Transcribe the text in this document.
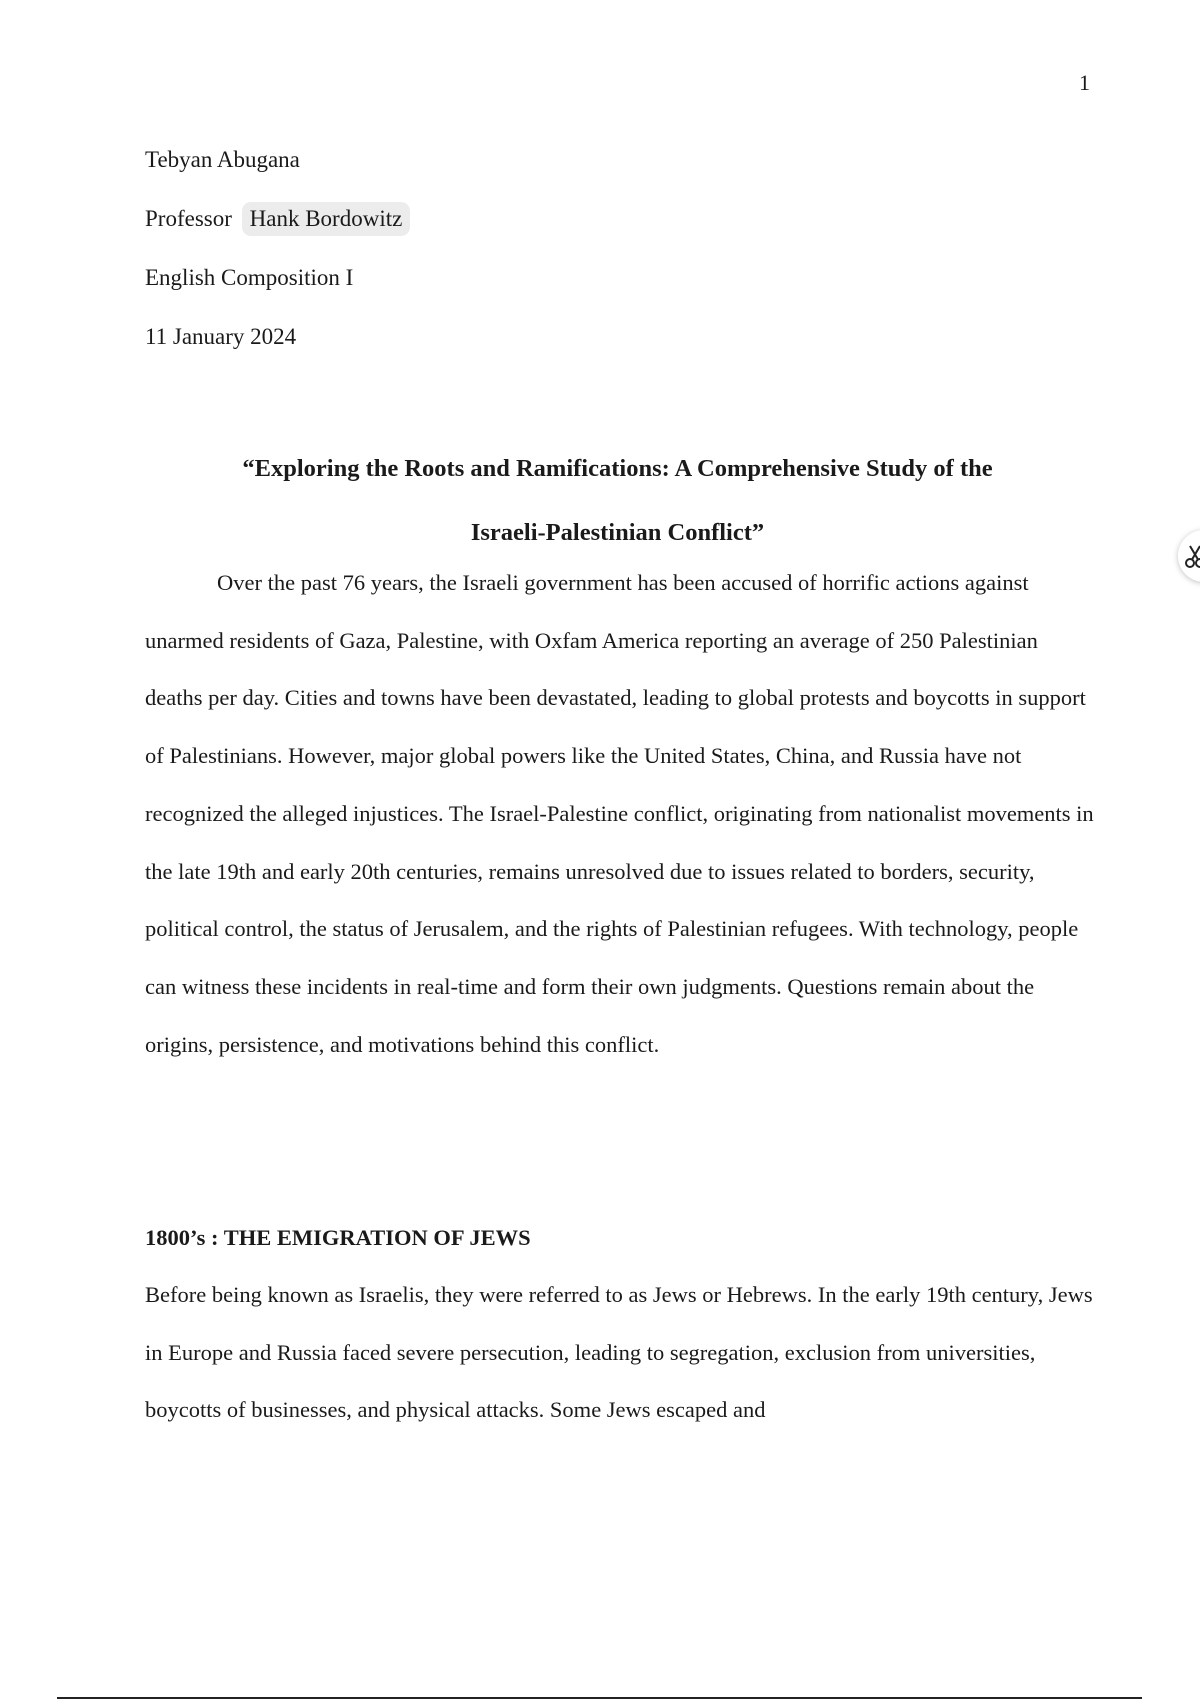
1
Tebyan Abugana
Professor Hank Bordowitz
English Composition I
11 January 2024
“Exploring the Roots and Ramifications: A Comprehensive Study of the
Israeli-Palestinian Conflict”
Over the past 76 years, the Israeli government has been accused of horrific actions against unarmed residents of Gaza, Palestine, with Oxfam America reporting an average of 250 Palestinian deaths per day. Cities and towns have been devastated, leading to global protests and boycotts in support of Palestinians. However, major global powers like the United States, China, and Russia have not recognized the alleged injustices. The Israel-Palestine conflict, originating from nationalist movements in the late 19th and early 20th centuries, remains unresolved due to issues related to borders, security, political control, the status of Jerusalem, and the rights of Palestinian refugees. With technology, people can witness these incidents in real-time and form their own judgments. Questions remain about the origins, persistence, and motivations behind this conflict.
1800’s : THE EMIGRATION OF JEWS
Before being known as Israelis, they were referred to as Jews or Hebrews. In the early 19th century, Jews in Europe and Russia faced severe persecution, leading to segregation, exclusion from universities, boycotts of businesses, and physical attacks. Some Jews escaped and
